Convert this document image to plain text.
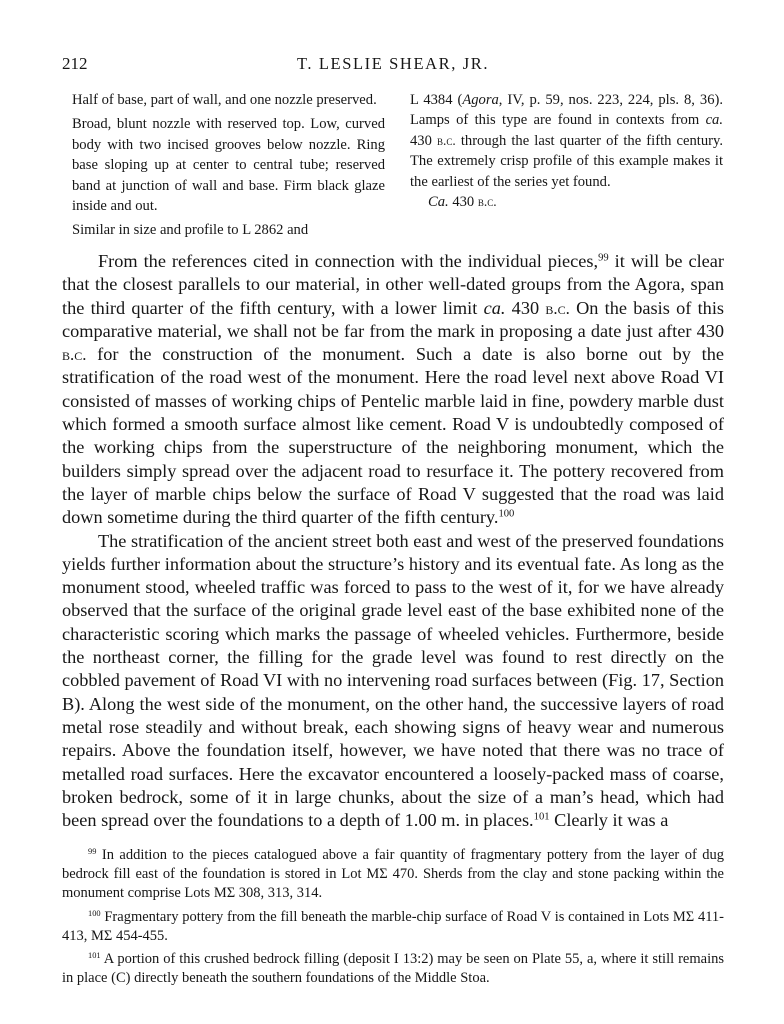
212	T. LESLIE SHEAR, JR.

Half of base, part of wall, and one nozzle preserved.

Broad, blunt nozzle with reserved top. Low, curved body with two incised grooves below nozzle. Ring base sloping up at center to central tube; reserved band at junction of wall and base. Firm black glaze inside and out.

Similar in size and profile to L 2862 and

L 4384 (Agora, IV, p. 59, nos. 223, 224, pls. 8, 36). Lamps of this type are found in contexts from ca. 430 b.c. through the last quarter of the fifth century. The extremely crisp profile of this example makes it the earliest of the series yet found.

Ca. 430 b.c.

From the references cited in connection with the individual pieces,$^{99}$ it will be clear that the closest parallels to our material, in other well-dated groups from the Agora, span the third quarter of the fifth century, with a lower limit ca. 430 b.c. On the basis of this comparative material, we shall not be far from the mark in proposing a date just after 430 b.c. for the construction of the monument. Such a date is also borne out by the stratification of the road west of the monument. Here the road level next above Road VI consisted of masses of working chips of Pentelic marble laid in fine, powdery marble dust which formed a smooth surface almost like cement. Road V is undoubtedly composed of the working chips from the superstructure of the neighboring monument, which the builders simply spread over the adjacent road to resurface it. The pottery recovered from the layer of marble chips below the surface of Road V suggested that the road was laid down sometime during the third quarter of the fifth century.$^{100}$

The stratification of the ancient street both east and west of the preserved foundations yields further information about the structure’s history and its eventual fate. As long as the monument stood, wheeled traffic was forced to pass to the west of it, for we have already observed that the surface of the original grade level east of the base exhibited none of the characteristic scoring which marks the passage of wheeled vehicles. Furthermore, beside the northeast corner, the filling for the grade level was found to rest directly on the cobbled pavement of Road VI with no intervening road surfaces between (Fig. 17, Section B). Along the west side of the monument, on the other hand, the successive layers of road metal rose steadily and without break, each showing signs of heavy wear and numerous repairs. Above the foundation itself, however, we have noted that there was no trace of metalled road surfaces. Here the excavator encountered a loosely-packed mass of coarse, broken bedrock, some of it in large chunks, about the size of a man’s head, which had been spread over the foundations to a depth of 1.00 m. in places.$^{101}$ Clearly it was a

$^{99}$ In addition to the pieces catalogued above a fair quantity of fragmentary pottery from the layer of dug bedrock fill east of the foundation is stored in Lot ΜΣ 470. Sherds from the clay and stone packing within the monument comprise Lots ΜΣ 308, 313, 314.

$^{100}$ Fragmentary pottery from the fill beneath the marble-chip surface of Road V is contained in Lots ΜΣ 411-413, ΜΣ 454-455.

$^{101}$ A portion of this crushed bedrock filling (deposit I 13:2) may be seen on Plate 55, a, where it still remains in place (C) directly beneath the southern foundations of the Middle Stoa.
